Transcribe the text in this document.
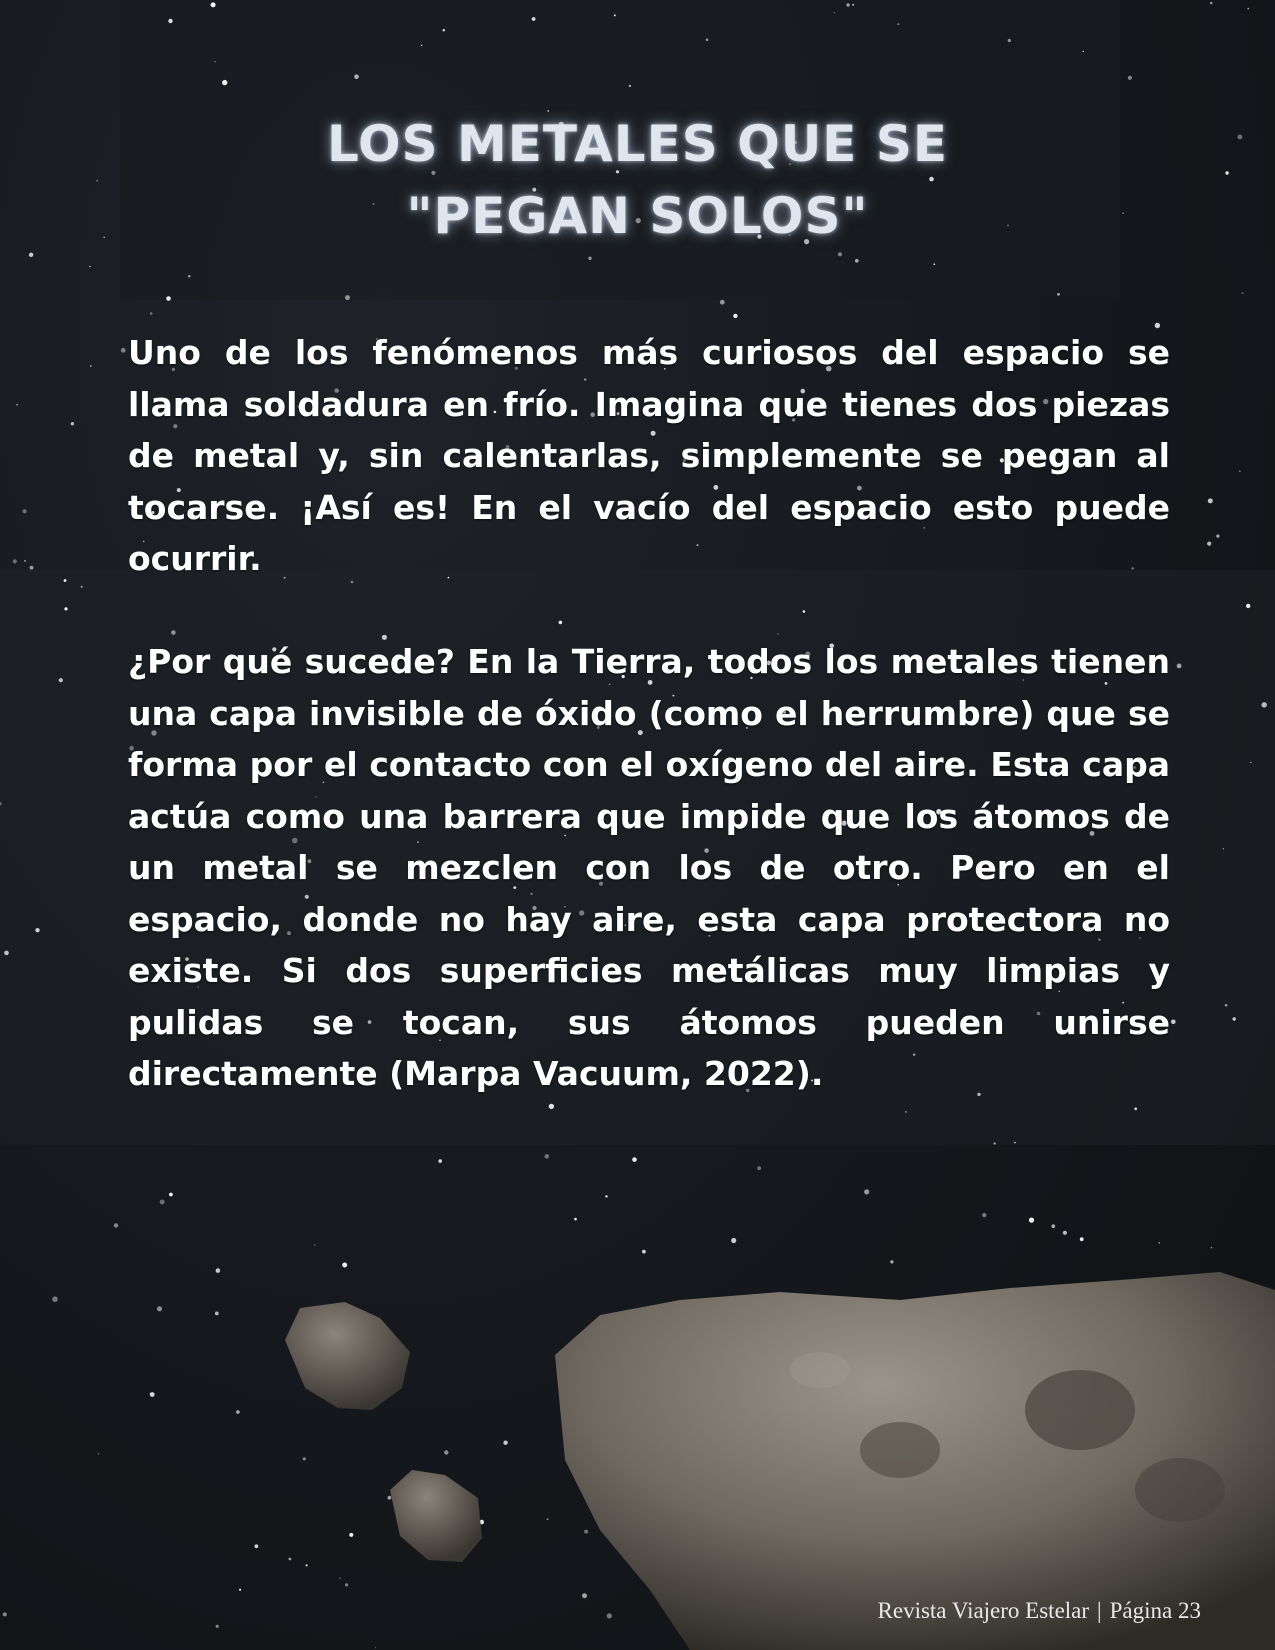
LOS METALES QUE SE
"PEGAN SOLOS"

Uno de los fenómenos más curiosos del espacio se llama soldadura en frío. Imagina que tienes dos piezas de metal y, sin calentarlas, simplemente se pegan al tocarse. ¡Así es! En el vacío del espacio esto puede ocurrir.

¿Por qué sucede? En la Tierra, todos los metales tienen una capa invisible de óxido (como el herrumbre) que se forma por el contacto con el oxígeno del aire. Esta capa actúa como una barrera que impide que los átomos de un metal se mezclen con los de otro. Pero en el espacio, donde no hay aire, esta capa protectora no existe. Si dos superficies metálicas muy limpias y pulidas se tocan, sus átomos pueden unirse directamente (Marpa Vacuum, 2022).

Revista Viajero Estelar | Página 23
